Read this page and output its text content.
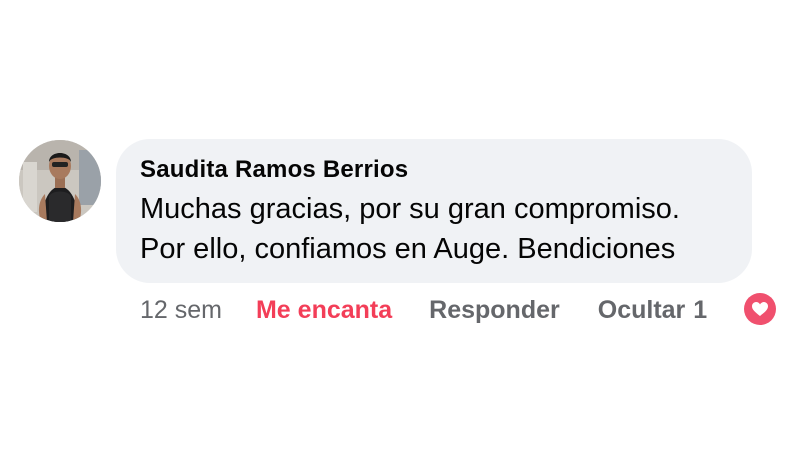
Saudita Ramos Berrios
Muchas gracias, por su gran compromiso.
Por ello, confiamos en Auge. Bendiciones
12 sem Me encanta Responder Ocultar 1
